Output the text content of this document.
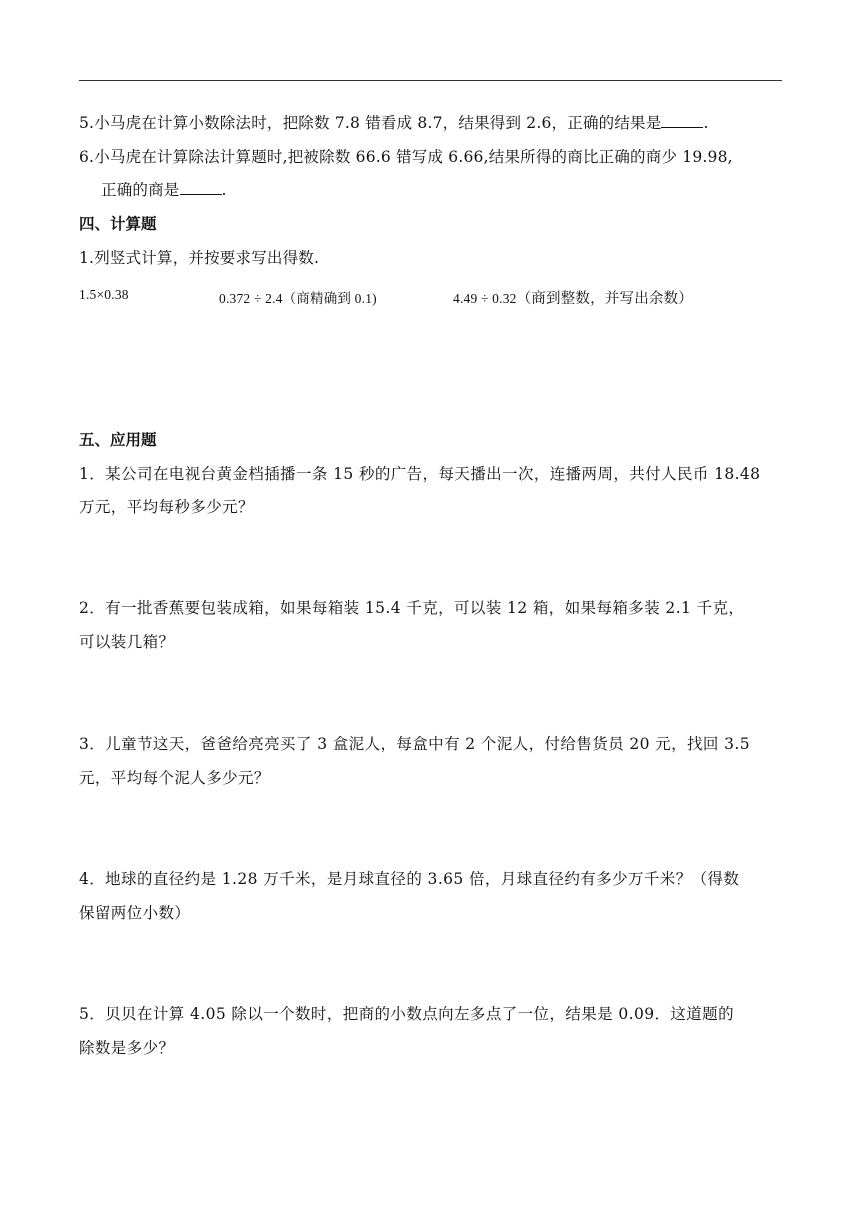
5.小马虎在计算小数除法时，把除数 7.8 错看成 8.7，结果得到 2.6，正确的结果是	.
6.小马虎在计算除法计算题时,把被除数 66.6 错写成 6.66,结果所得的商比正确的商少 19.98,
正确的商是	.
四、计算题
1.列竖式计算，并按要求写出得数.
1.5×0.38	0.372 ÷ 2.4（商精确到 0.1)	4.49 ÷ 0.32（商到整数，并写出余数）
五、应用题
1．某公司在电视台黄金档插播一条 15 秒的广告，每天播出一次，连播两周，共付人民币 18.48
万元，平均每秒多少元？
2．有一批香蕉要包装成箱，如果每箱装 15.4 千克，可以装 12 箱，如果每箱多装 2.1 千克，
可以装几箱？
3．儿童节这天，爸爸给亮亮买了 3 盒泥人，每盒中有 2 个泥人，付给售货员 20 元，找回 3.5
元，平均每个泥人多少元？
4．地球的直径约是 1.28 万千米，是月球直径的 3.65 倍，月球直径约有多少万千米？（得数
保留两位小数）
5．贝贝在计算 4.05 除以一个数时，把商的小数点向左多点了一位，结果是 0.09．这道题的
除数是多少？
